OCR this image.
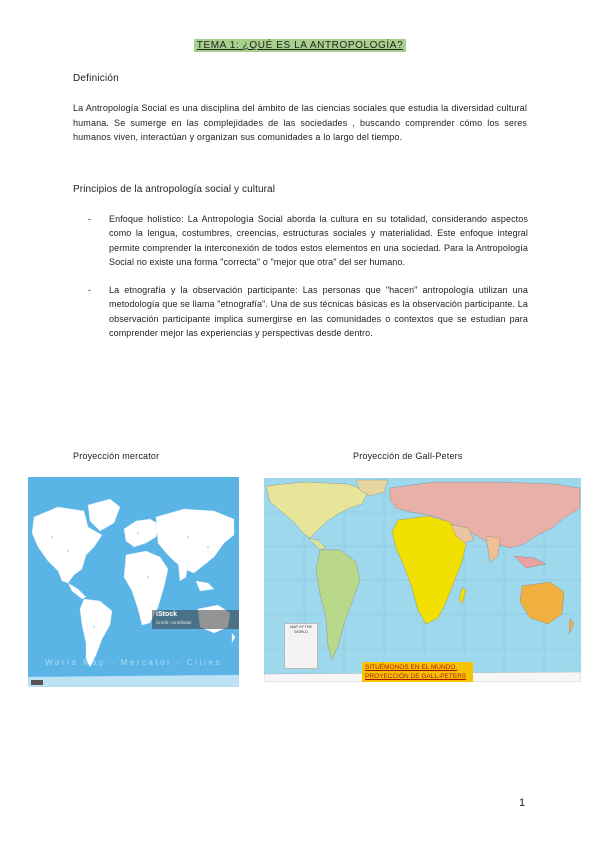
TEMA 1: ¿QUÉ ES LA ANTROPOLOGÍA?
Definición
La Antropología Social es una disciplina del ámbito de las ciencias sociales que estudia la diversidad cultural humana. Se sumerge en las complejidades de las sociedades , buscando comprender cómo los seres humanos viven, interactúan y organizan sus comunidades a lo largo del tiempo.
Principios de la antropología social y cultural
- Enfoque holístico: La Antropología Social aborda la cultura en su totalidad, considerando aspectos como la lengua, costumbres, creencias, estructuras sociales y materialidad. Este enfoque integral permite comprender la interconexión de todos estos elementos en una sociedad. Para la Antropología Social no existe una forma "correcta" o "mejor que otra" del ser humano.
- La etnografía y la observación participante: Las personas que "hacen" antropología utilizan una metodología que se llama "etnografía". Una de sus técnicas básicas es la observación participante. La observación participante implica sumergirse en las comunidades o contextos que se estudian para comprender mejor las experiencias y perspectivas desde dentro.
Proyección mercator	Proyección de Gall-Peters
iStock
Credit: contributor
World Map - Mercator - Cities
MAP OF THE WORLD
SITUÉMONOS EN EL MUNDO.
PROYECCIÓN DE GALL-PETERS
1
